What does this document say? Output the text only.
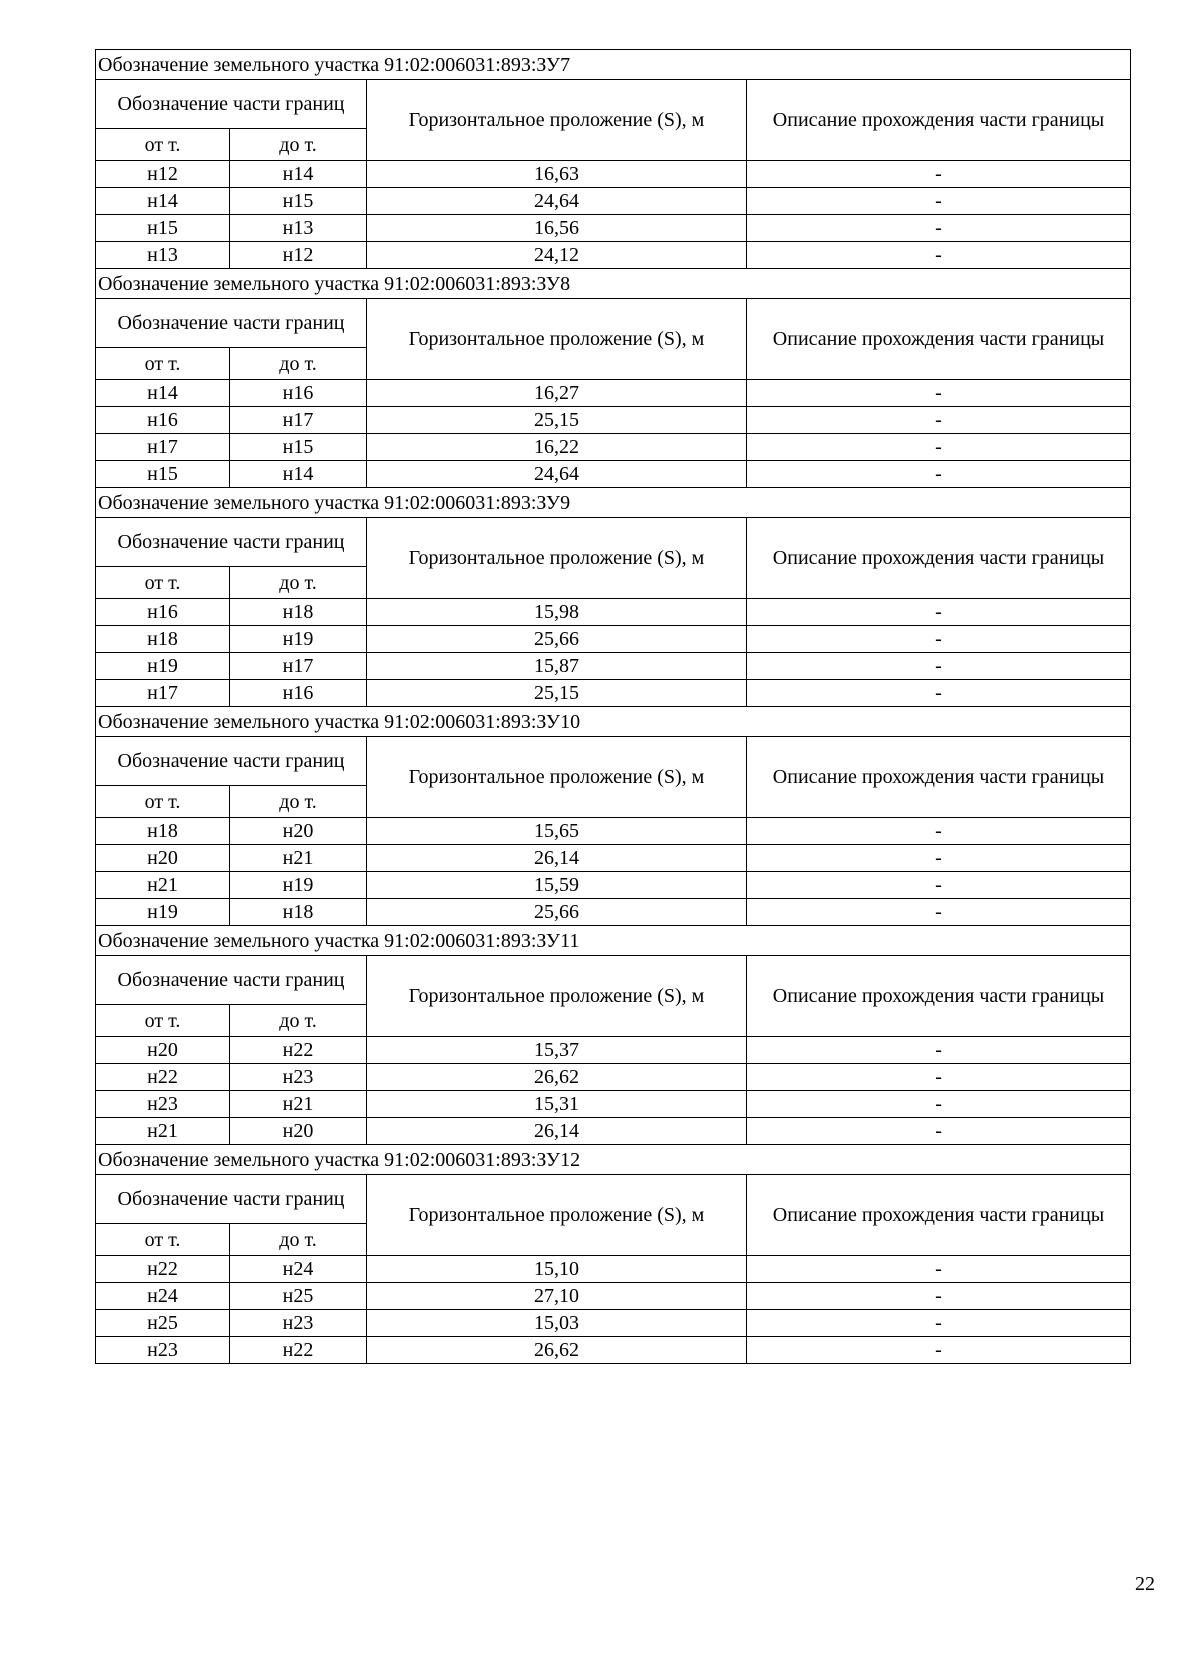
Обозначение земельного участка 91:02:006031:893:ЗУ7			
Обозначение части границ		Горизонтальное проложение (S), м	Описание прохождения части границы
от т.	до т.		
н12	н14	16,63	-
н14	н15	24,64	-
н15	н13	16,56	-
н13	н12	24,12	-
Обозначение земельного участка 91:02:006031:893:ЗУ8			
Обозначение части границ		Горизонтальное проложение (S), м	Описание прохождения части границы
от т.	до т.		
н14	н16	16,27	-
н16	н17	25,15	-
н17	н15	16,22	-
н15	н14	24,64	-
Обозначение земельного участка 91:02:006031:893:ЗУ9			
Обозначение части границ		Горизонтальное проложение (S), м	Описание прохождения части границы
от т.	до т.		
н16	н18	15,98	-
н18	н19	25,66	-
н19	н17	15,87	-
н17	н16	25,15	-
Обозначение земельного участка 91:02:006031:893:ЗУ10			
Обозначение части границ		Горизонтальное проложение (S), м	Описание прохождения части границы
от т.	до т.		
н18	н20	15,65	-
н20	н21	26,14	-
н21	н19	15,59	-
н19	н18	25,66	-
Обозначение земельного участка 91:02:006031:893:ЗУ11			
Обозначение части границ		Горизонтальное проложение (S), м	Описание прохождения части границы
от т.	до т.		
н20	н22	15,37	-
н22	н23	26,62	-
н23	н21	15,31	-
н21	н20	26,14	-
Обозначение земельного участка 91:02:006031:893:ЗУ12			
Обозначение части границ		Горизонтальное проложение (S), м	Описание прохождения части границы
от т.	до т.		
н22	н24	15,10	-
н24	н25	27,10	-
н25	н23	15,03	-
н23	н22	26,62	-
22
